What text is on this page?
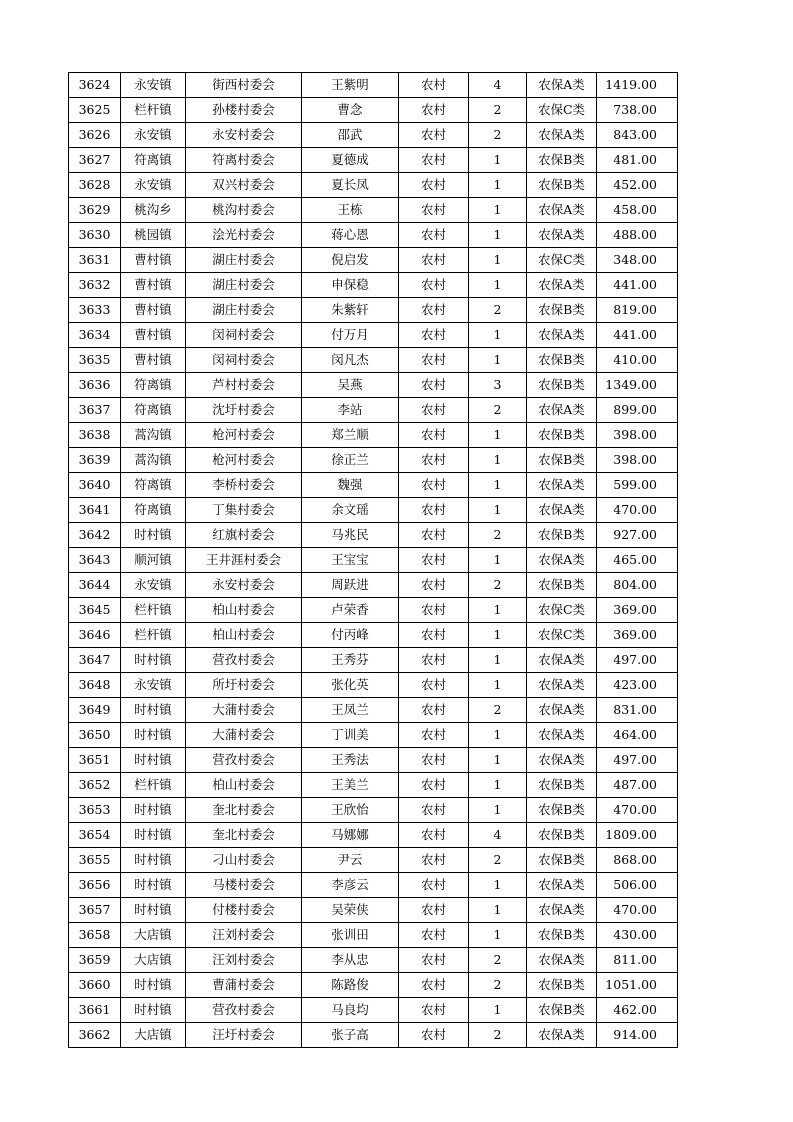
3624	永安镇	街西村委会	王紫明	农村	4	农保A类	1419.00
3625	栏杆镇	孙楼村委会	曹念	农村	2	农保C类	738.00
3626	永安镇	永安村委会	邵武	农村	2	农保A类	843.00
3627	符离镇	符离村委会	夏德成	农村	1	农保B类	481.00
3628	永安镇	双兴村委会	夏长凤	农村	1	农保B类	452.00
3629	桃沟乡	桃沟村委会	王栋	农村	1	农保A类	458.00
3630	桃园镇	浍光村委会	蒋心恩	农村	1	农保A类	488.00
3631	曹村镇	湖庄村委会	倪启发	农村	1	农保C类	348.00
3632	曹村镇	湖庄村委会	申保稳	农村	1	农保A类	441.00
3633	曹村镇	湖庄村委会	朱紫轩	农村	2	农保B类	819.00
3634	曹村镇	闵祠村委会	付万月	农村	1	农保A类	441.00
3635	曹村镇	闵祠村委会	闵凡杰	农村	1	农保B类	410.00
3636	符离镇	芦村村委会	吴燕	农村	3	农保B类	1349.00
3637	符离镇	沈圩村委会	李站	农村	2	农保A类	899.00
3638	蒿沟镇	枪河村委会	郑兰顺	农村	1	农保B类	398.00
3639	蒿沟镇	枪河村委会	徐正兰	农村	1	农保B类	398.00
3640	符离镇	李桥村委会	魏强	农村	1	农保A类	599.00
3641	符离镇	丁集村委会	余文瑶	农村	1	农保A类	470.00
3642	时村镇	红旗村委会	马兆民	农村	2	农保B类	927.00
3643	顺河镇	王井涯村委会	王宝宝	农村	1	农保A类	465.00
3644	永安镇	永安村委会	周跃进	农村	2	农保B类	804.00
3645	栏杆镇	柏山村委会	卢荣香	农村	1	农保C类	369.00
3646	栏杆镇	柏山村委会	付丙峰	农村	1	农保C类	369.00
3647	时村镇	营孜村委会	王秀芬	农村	1	农保A类	497.00
3648	永安镇	所圩村委会	张化英	农村	1	农保A类	423.00
3649	时村镇	大蒲村委会	王凤兰	农村	2	农保A类	831.00
3650	时村镇	大蒲村委会	丁训美	农村	1	农保A类	464.00
3651	时村镇	营孜村委会	王秀法	农村	1	农保A类	497.00
3652	栏杆镇	柏山村委会	王美兰	农村	1	农保B类	487.00
3653	时村镇	奎北村委会	王欣怡	农村	1	农保B类	470.00
3654	时村镇	奎北村委会	马娜娜	农村	4	农保B类	1809.00
3655	时村镇	刁山村委会	尹云	农村	2	农保B类	868.00
3656	时村镇	马楼村委会	李彦云	农村	1	农保A类	506.00
3657	时村镇	付楼村委会	吴荣侠	农村	1	农保A类	470.00
3658	大店镇	汪刘村委会	张训田	农村	1	农保B类	430.00
3659	大店镇	汪刘村委会	李从忠	农村	2	农保A类	811.00
3660	时村镇	曹蒲村委会	陈路俊	农村	2	农保B类	1051.00
3661	时村镇	营孜村委会	马良均	农村	1	农保B类	462.00
3662	大店镇	汪圩村委会	张子高	农村	2	农保A类	914.00
